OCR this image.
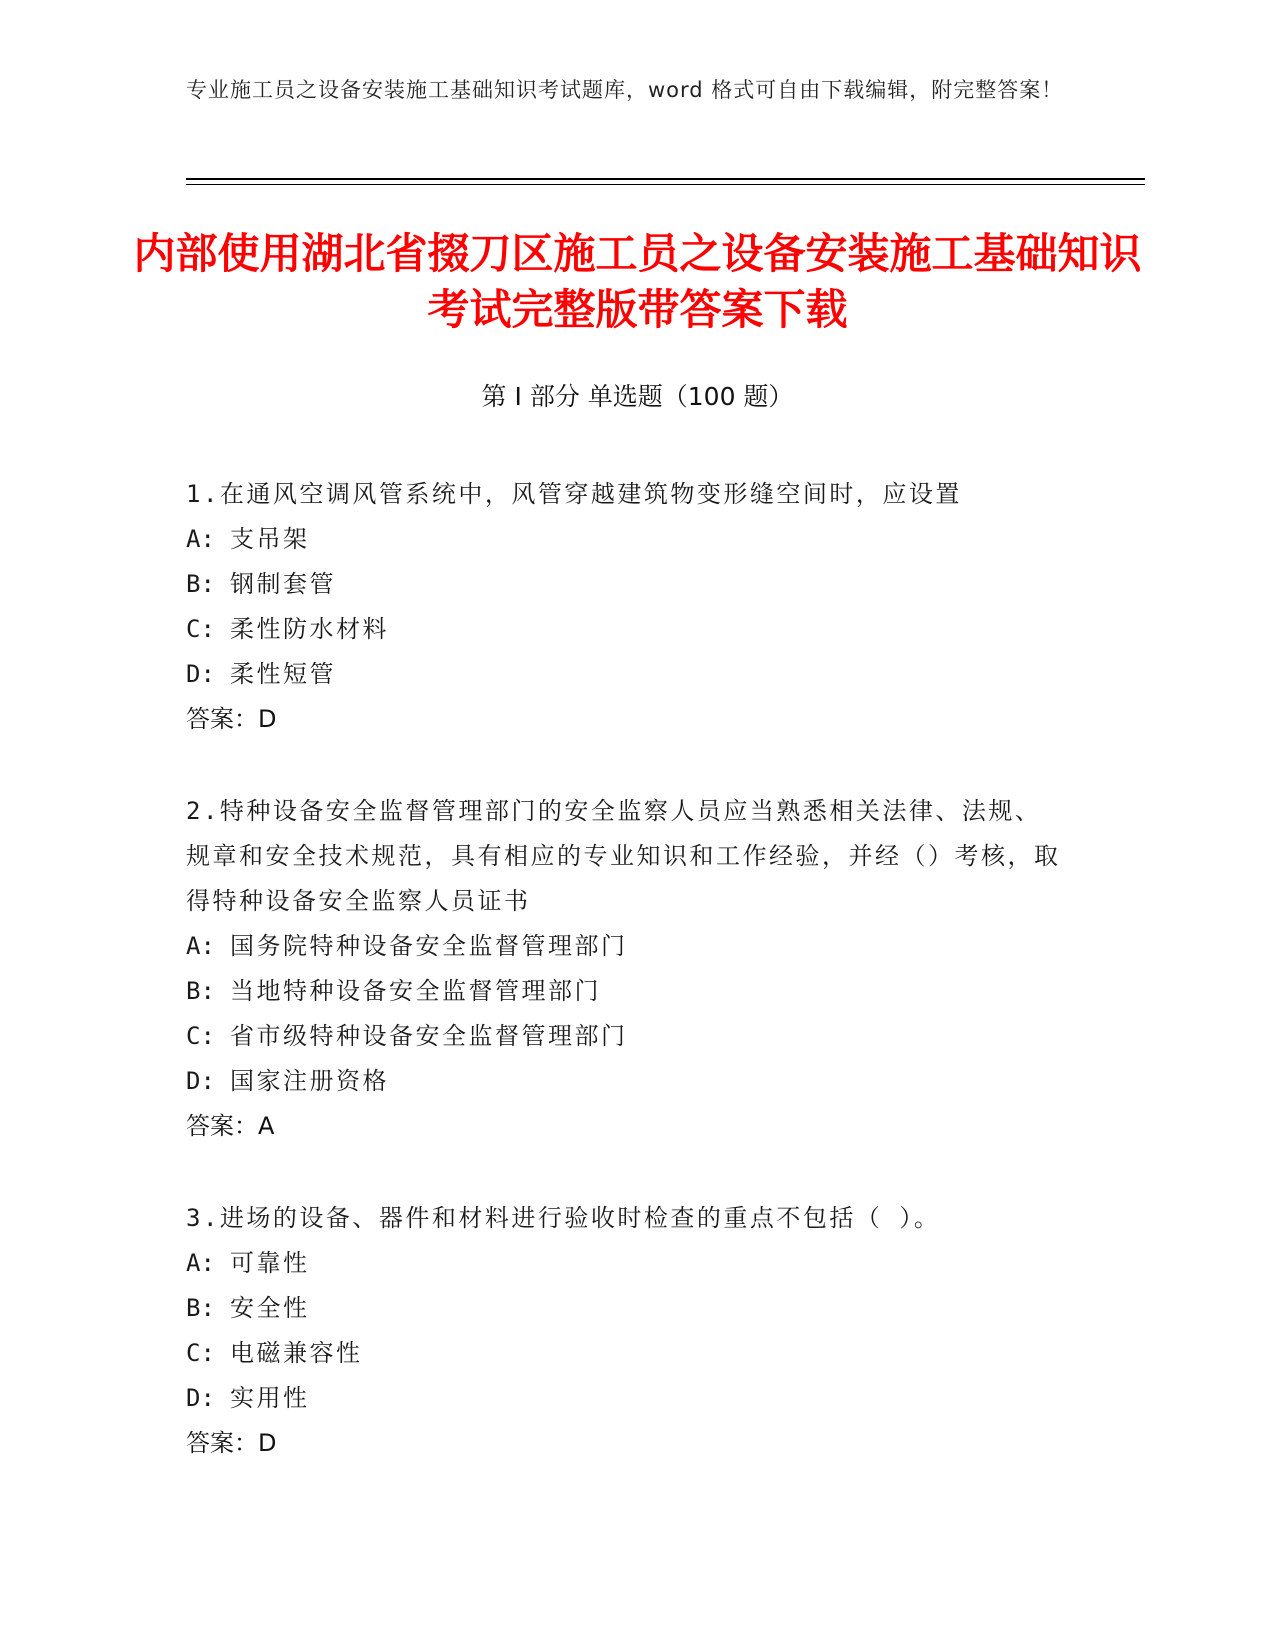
专业施工员之设备安装施工基础知识考试题库，word 格式可自由下载编辑，附完整答案！
内部使用湖北省掇刀区施工员之设备安装施工基础知识考试完整版带答案下载
第 I 部分 单选题（100 题）
1.在通风空调风管系统中，风管穿越建筑物变形缝空间时，应设置
A: 支吊架
B: 钢制套管
C: 柔性防水材料
D: 柔性短管
答案：D
2.特种设备安全监督管理部门的安全监察人员应当熟悉相关法律、法规、规章和安全技术规范，具有相应的专业知识和工作经验，并经（）考核，取得特种设备安全监察人员证书
A: 国务院特种设备安全监督管理部门
B: 当地特种设备安全监督管理部门
C: 省市级特种设备安全监督管理部门
D: 国家注册资格
答案：A
3.进场的设备、器件和材料进行验收时检查的重点不包括（ ）。
A: 可靠性
B: 安全性
C: 电磁兼容性
D: 实用性
答案：D
